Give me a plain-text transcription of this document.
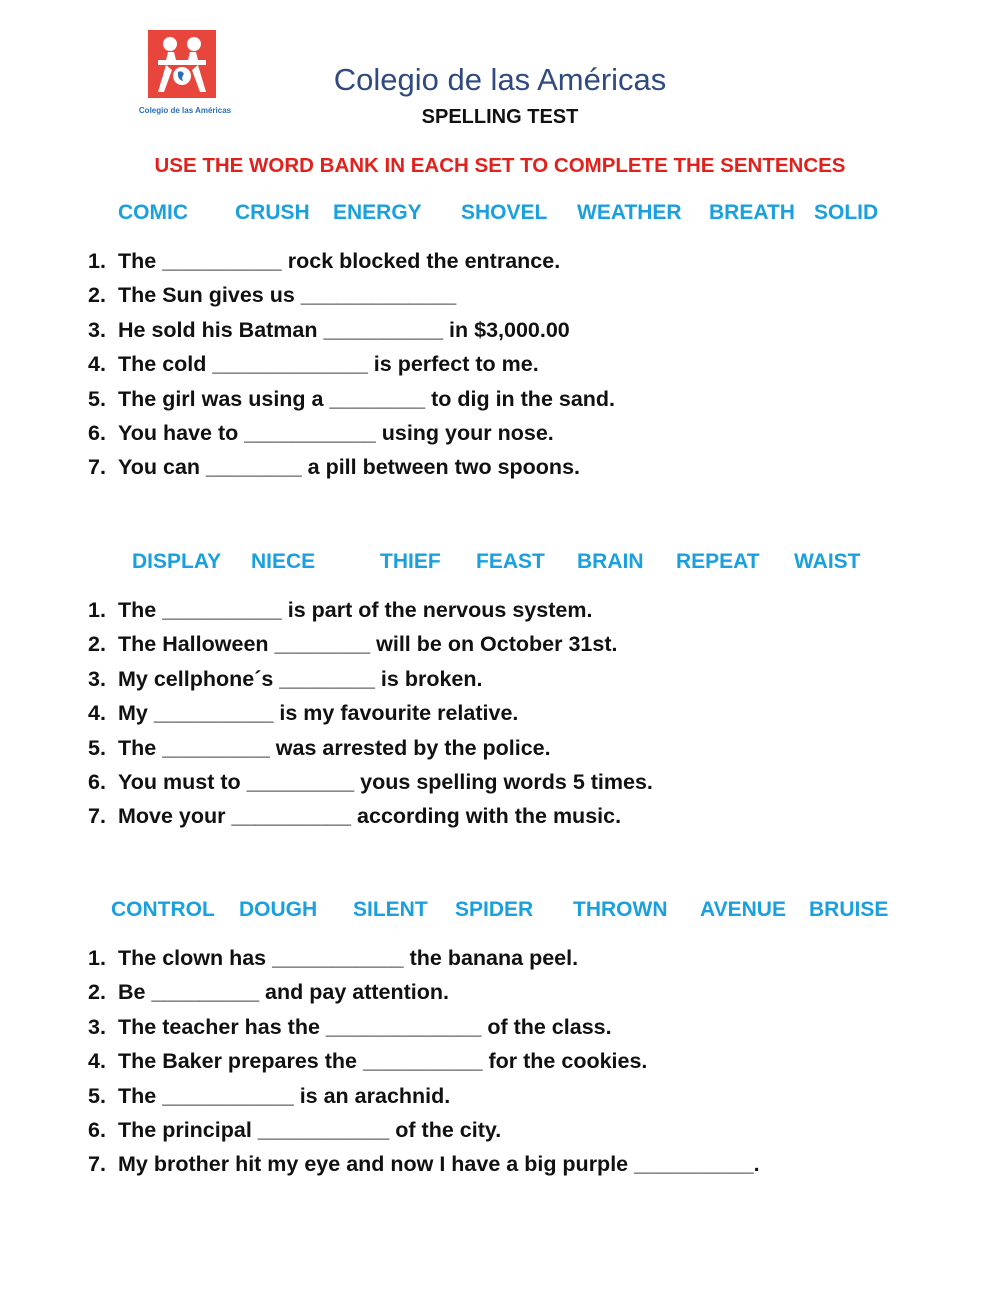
Colegio de las Américas
Colegio de las Américas
SPELLING TEST
USE THE WORD BANK IN EACH SET TO COMPLETE THE SENTENCES
COMIC CRUSH ENERGY SHOVEL WEATHER BREATH SOLID
1. The __________ rock blocked the entrance.
2. The Sun gives us _____________
3. He sold his Batman __________ in $3,000.00
4. The cold _____________ is perfect to me.
5. The girl was using a ________ to dig in the sand.
6. You have to ___________ using your nose.
7. You can ________ a pill between two spoons.
DISPLAY NIECE	THIEF FEAST BRAIN REPEAT WAIST
1. The __________ is part of the nervous system.
2. The Halloween ________ will be on October 31st.
3. My cellphone´s ________ is broken.
4. My __________ is my favourite relative.
5. The _________ was arrested by the police.
6. You must to _________ yous spelling words 5 times.
7. Move your __________ according with the music.
CONTROL DOUGH SILENT SPIDER THROWN AVENUE BRUISE
1. The clown has ___________ the banana peel.
2. Be _________ and pay attention.
3. The teacher has the _____________ of the class.
4. The Baker prepares the __________ for the cookies.
5. The ___________ is an arachnid.
6. The principal ___________ of the city.
7. My brother hit my eye and now I have a big purple __________.
